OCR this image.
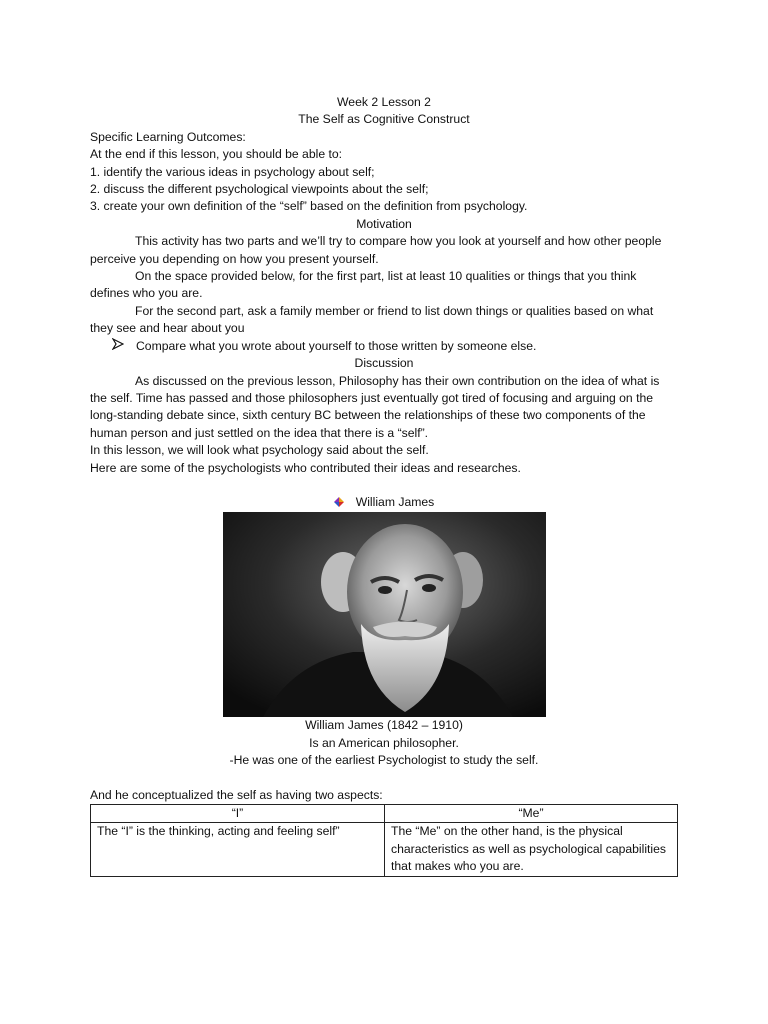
Week 2 Lesson 2
The Self as Cognitive Construct
Specific Learning Outcomes:
At the end if this lesson, you should be able to:
1. identify the various ideas in psychology about self;
2. discuss the different psychological viewpoints about the self;
3. create your own definition of the “self” based on the definition from psychology.
Motivation
This activity has two parts and we’ll try to compare how you look at yourself and how other people perceive you depending on how you present yourself.
On the space provided below, for the first part, list at least 10 qualities or things that you think defines who you are.
For the second part, ask a family member or friend to list down things or qualities based on what they see and hear about you
Compare what you wrote about yourself to those written by someone else.
Discussion
As discussed on the previous lesson, Philosophy has their own contribution on the idea of what is the self. Time has passed and those philosophers just eventually got tired of focusing and arguing on the long-standing debate since, sixth century BC between the relationships of these two components of the human person and just settled on the idea that there is a “self”.
In this lesson, we will look what psychology said about the self.
Here are some of the psychologists who contributed their ideas and researches.
William James
William James (1842 – 1910)
Is an American philosopher.
-He was one of the earliest Psychologist to study the self.
And he conceptualized the self as having two aspects:
“I”	“Me”
The “I” is the thinking, acting and feeling self”	The “Me” on the other hand, is the physical characteristics as well as psychological capabilities that makes who you are.
